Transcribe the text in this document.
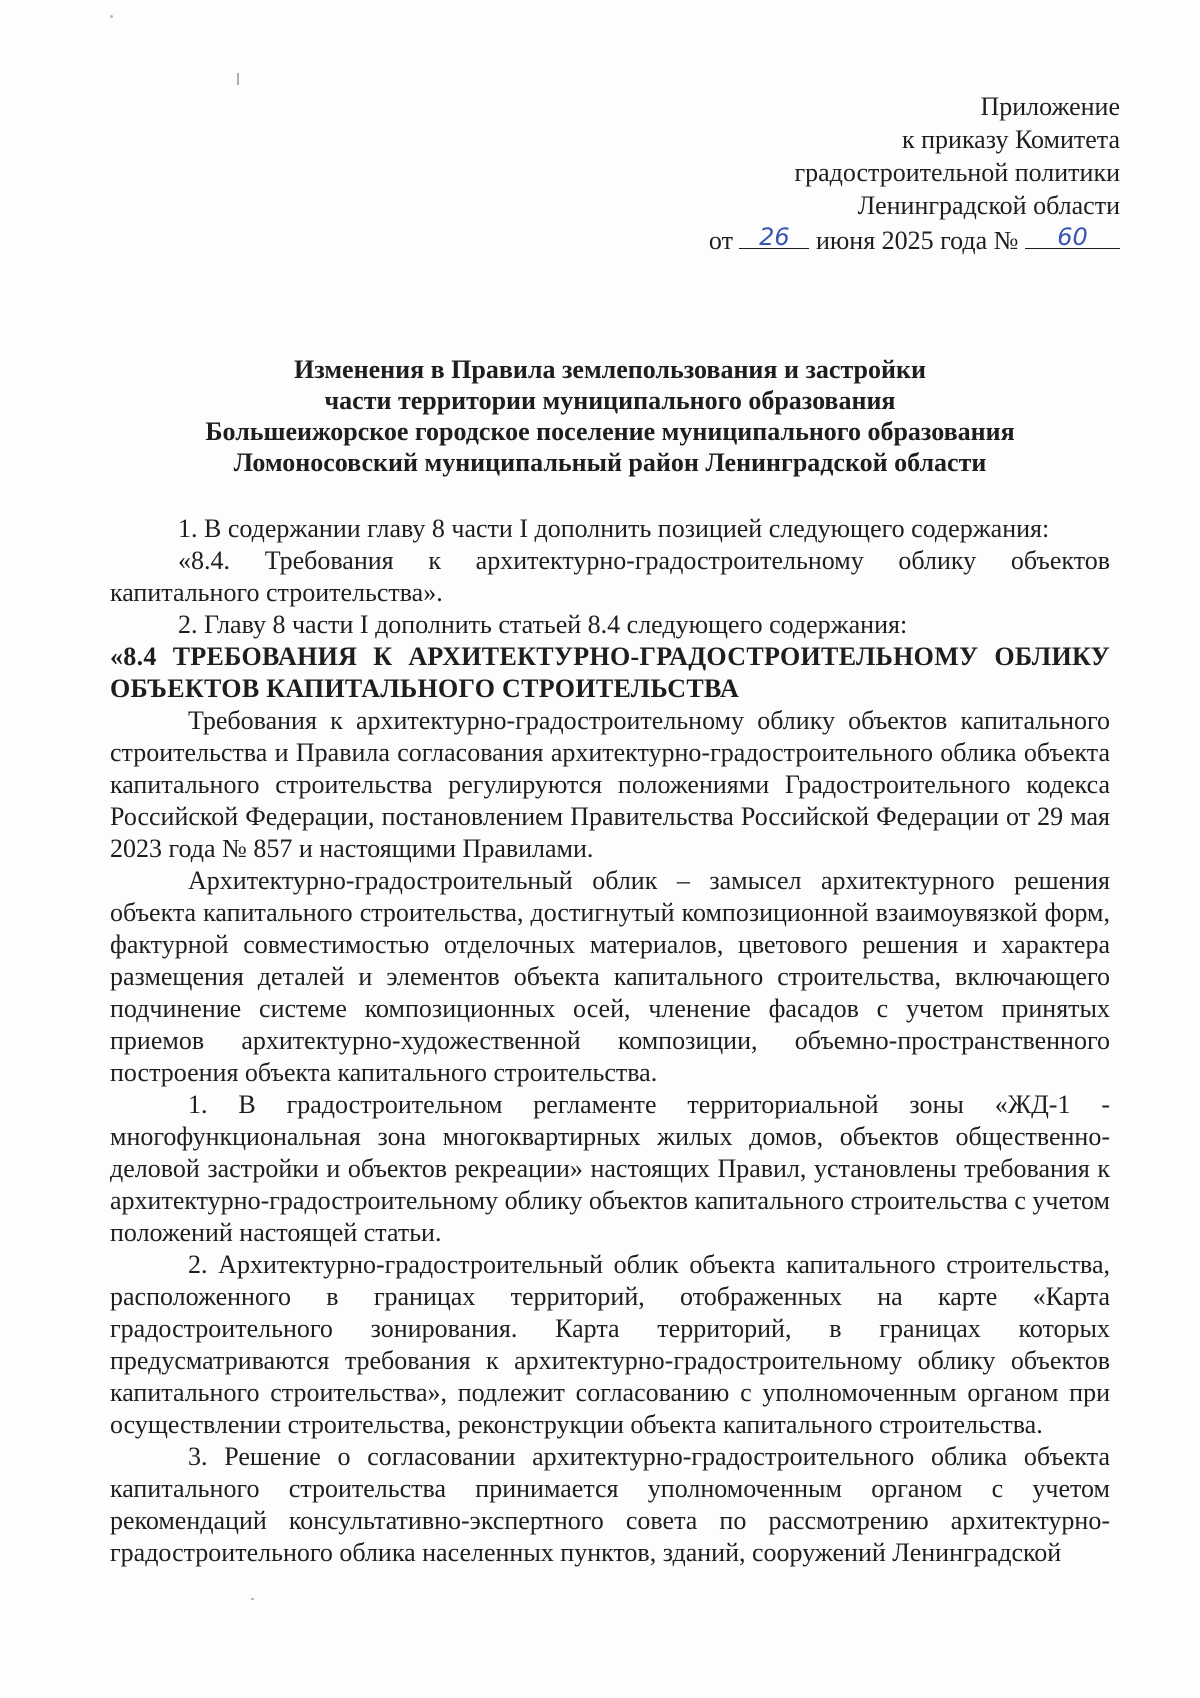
Приложение
к приказу Комитета
градостроительной политики
Ленинградской области
от	26	июня 2025 года №	60
Изменения в Правила землепользования и застройки
части территории муниципального образования
Большеижорское городское поселение муниципального образования
Ломоносовский муниципальный район Ленинградской области

1. В содержании главу 8 части I дополнить позицией следующего содержания:

«8.4. Требования к архитектурно-градостроительному облику объектов капитального строительства».

2. Главу 8 части I дополнить статьей 8.4 следующего содержания:

«8.4 ТРЕБОВАНИЯ К АРХИТЕКТУРНО-ГРАДОСТРОИТЕЛЬНОМУ ОБЛИКУ ОБЪЕКТОВ КАПИТАЛЬНОГО СТРОИТЕЛЬСТВА

Требования к архитектурно-градостроительному облику объектов капитального строительства и Правила согласования архитектурно-градостроительного облика объекта капитального строительства регулируются положениями Градостроительного кодекса Российской Федерации, постановлением Правительства Российской Федерации от 29 мая 2023 года № 857 и настоящими Правилами.

Архитектурно-градостроительный облик – замысел архитектурного решения объекта капитального строительства, достигнутый композиционной взаимоувязкой форм, фактурной совместимостью отделочных материалов, цветового решения и характера размещения деталей и элементов объекта капитального строительства, включающего подчинение системе композиционных осей, членение фасадов с учетом принятых приемов архитектурно-художественной композиции, объемно-пространственного построения объекта капитального строительства.

1. В градостроительном регламенте территориальной зоны «ЖД-1 - многофункциональная зона многоквартирных жилых домов, объектов общественно-деловой застройки и объектов рекреации» настоящих Правил, установлены требования к архитектурно-градостроительному облику объектов капитального строительства с учетом положений настоящей статьи.

2. Архитектурно-градостроительный облик объекта капитального строительства, расположенного в границах территорий, отображенных на карте «Карта градостроительного зонирования. Карта территорий, в границах которых предусматриваются требования к архитектурно-градостроительному облику объектов капитального строительства», подлежит согласованию с уполномоченным органом при осуществлении строительства, реконструкции объекта капитального строительства.

3. Решение о согласовании архитектурно-градостроительного облика объекта капитального строительства принимается уполномоченным органом с учетом рекомендаций консультативно-экспертного совета по рассмотрению архитектурно-градостроительного облика населенных пунктов, зданий, сооружений Ленинградской
